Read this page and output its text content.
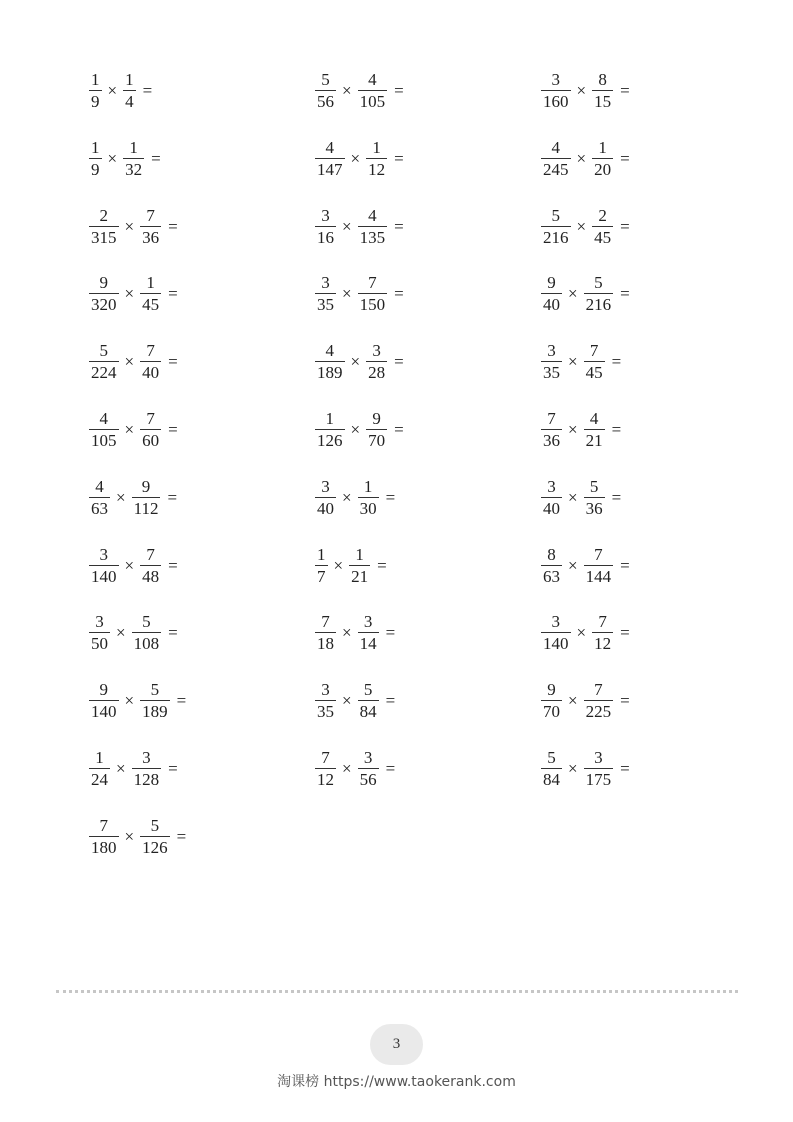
$\frac{1}{9} \times \frac{1}{4}$ =	$\frac{5}{56} \times \frac{4}{105}$ =	$\frac{3}{160} \times \frac{8}{15}$ =
$\frac{1}{9} \times \frac{1}{32}$ =	$\frac{4}{147} \times \frac{1}{12}$ =	$\frac{4}{245} \times \frac{1}{20}$ =
$\frac{2}{315} \times \frac{7}{36}$ =	$\frac{3}{16} \times \frac{4}{135}$ =	$\frac{5}{216} \times \frac{2}{45}$ =
$\frac{9}{320} \times \frac{1}{45}$ =	$\frac{3}{35} \times \frac{7}{150}$ =	$\frac{9}{40} \times \frac{5}{216}$ =
$\frac{5}{224} \times \frac{7}{40}$ =	$\frac{4}{189} \times \frac{3}{28}$ =	$\frac{3}{35} \times \frac{7}{45}$ =
$\frac{4}{105} \times \frac{7}{60}$ =	$\frac{1}{126} \times \frac{9}{70}$ =	$\frac{7}{36} \times \frac{4}{21}$ =
$\frac{4}{63} \times \frac{9}{112}$ =	$\frac{3}{40} \times \frac{1}{30}$ =	$\frac{3}{40} \times \frac{5}{36}$ =
$\frac{3}{140} \times \frac{7}{48}$ =	$\frac{1}{7} \times \frac{1}{21}$ =	$\frac{8}{63} \times \frac{7}{144}$ =
$\frac{3}{50} \times \frac{5}{108}$ =	$\frac{7}{18} \times \frac{3}{14}$ =	$\frac{3}{140} \times \frac{7}{12}$ =
$\frac{9}{140} \times \frac{5}{189}$ =	$\frac{3}{35} \times \frac{5}{84}$ =	$\frac{9}{70} \times \frac{7}{225}$ =
$\frac{1}{24} \times \frac{3}{128}$ =	$\frac{7}{12} \times \frac{3}{56}$ =	$\frac{5}{84} \times \frac{3}{175}$ =
$\frac{7}{180} \times \frac{5}{126}$ =
3
淘课榜 https://www.taokerank.com
